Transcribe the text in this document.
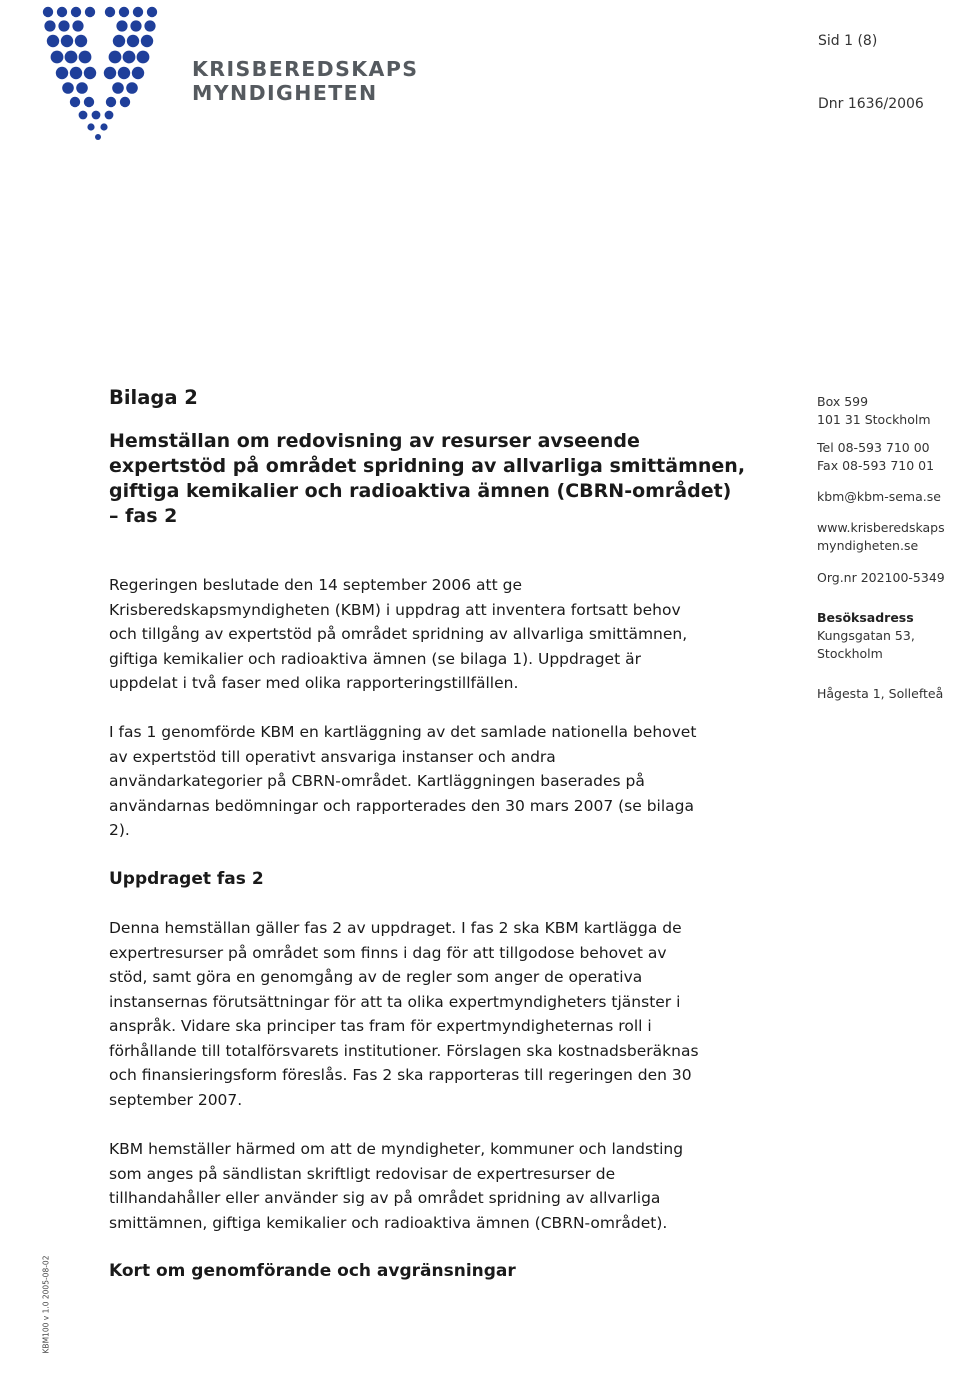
KRISBEREDSKAPS
MYNDIGHETEN
Sid 1 (8)
Dnr 1636/2006
Bilaga 2
Hemställan om redovisning av resurser avseende
expertstöd på området spridning av allvarliga smittämnen,
giftiga kemikalier och radioaktiva ämnen (CBRN-området)
– fas 2
Regeringen beslutade den 14 september 2006 att ge
Krisberedskapsmyndigheten (KBM) i uppdrag att inventera fortsatt behov
och tillgång av expertstöd på området spridning av allvarliga smittämnen,
giftiga kemikalier och radioaktiva ämnen (se bilaga 1). Uppdraget är
uppdelat i två faser med olika rapporteringstillfällen.
I fas 1 genomförde KBM en kartläggning av det samlade nationella behovet
av expertstöd till operativt ansvariga instanser och andra
användarkategorier på CBRN-området. Kartläggningen baserades på
användarnas bedömningar och rapporterades den 30 mars 2007 (se bilaga
2).
Uppdraget fas 2
Denna hemställan gäller fas 2 av uppdraget. I fas 2 ska KBM kartlägga de
expertresurser på området som finns i dag för att tillgodose behovet av
stöd, samt göra en genomgång av de regler som anger de operativa
instansernas förutsättningar för att ta olika expertmyndigheters tjänster i
anspråk. Vidare ska principer tas fram för expertmyndigheternas roll i
förhållande till totalförsvarets institutioner. Förslagen ska kostnadsberäknas
och finansieringsform föreslås. Fas 2 ska rapporteras till regeringen den 30
september 2007.
KBM hemställer härmed om att de myndigheter, kommuner och landsting
som anges på sändlistan skriftligt redovisar de expertresurser de
tillhandahåller eller använder sig av på området spridning av allvarliga
smittämnen, giftiga kemikalier och radioaktiva ämnen (CBRN-området).
Kort om genomförande och avgränsningar

Box 599

101 31 Stockholm

Tel 08-593 710 00

Fax 08-593 710 01

kbm@kbm-sema.se

www.krisberedskaps

myndigheten.se

Org.nr 202100-5349

Besöksadress

Kungsgatan 53,

Stockholm

Hågesta 1, Sollefteå

KBM100 v 1.0 2005-08-02
